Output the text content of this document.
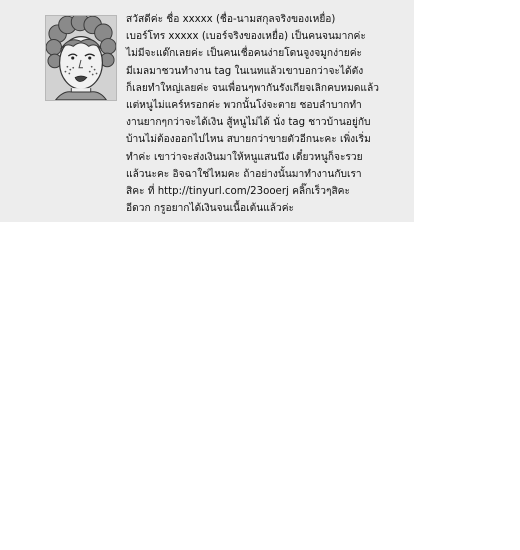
สวัสดีค่ะ ชื่อ xxxxx (ชื่อ-นามสกุลจริงของเหยื่อ)
เบอร์โทร xxxxx (เบอร์จริงของเหยื่อ) เป็นคนจนมากค่ะ
ไม่มีจะแด๊กเลยค่ะ เป็นคนเชื่อคนง่ายโดนจูงจมูกง่ายค่ะ
มีเมลมาชวนทำงาน tag ในเนทแล้วเขาบอกว่าจะได้ตัง
ก็เลยทำใหญ่เลยค่ะ จนเพื่อนๆพากันรังเกียจเลิกคบหมดแล้ว
แต่หนูไม่แคร์หรอกค่ะ พวกนั้นโง่จะตาย ชอบลำบากทำ
งานยากๆกว่าจะได้เงิน สู้หนูไม่ได้ นั่ง tag ชาวบ้านอยู่กับ
บ้านไม่ต้องออกไปไหน สบายกว่าขายตัวอีกนะคะ เพิ่งเริ่ม
ทำค่ะ เขาว่าจะส่งเงินมาให้หนูแสนนึง เดี๋ยวหนูก็จะรวย
แล้วนะคะ อิจฉาใช่ไหมคะ ถ้าอย่างนั้นมาทำงานกับเรา
สิคะ ที่ http://tinyurl.com/23ooerj คลิ๊กเร็วๆสิคะ
อีดวก กรูอยากได้เงินจนเนื้อเต้นแล้วค่ะ
